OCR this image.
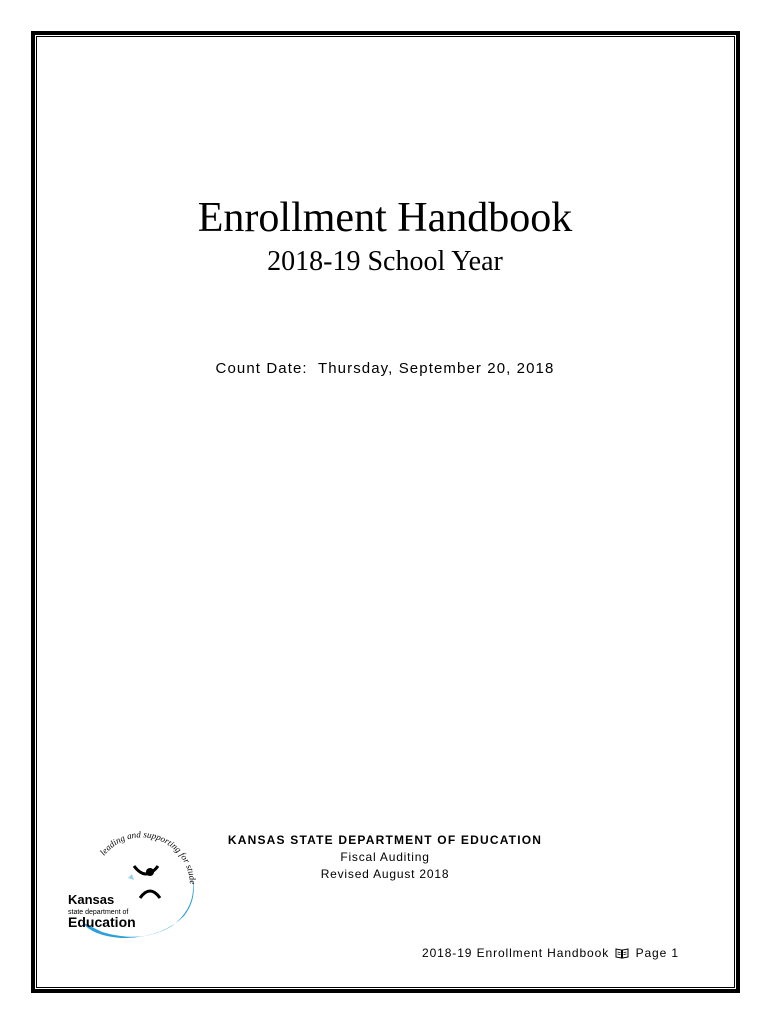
Enrollment Handbook
2018-19 School Year
Count Date:  Thursday, September 20, 2018
KANSAS STATE DEPARTMENT OF EDUCATION
Fiscal Auditing
Revised August 2018
leading and supporting for stude
Kansas
state department of
Education
2018-19 Enrollment Handbook Page 1
